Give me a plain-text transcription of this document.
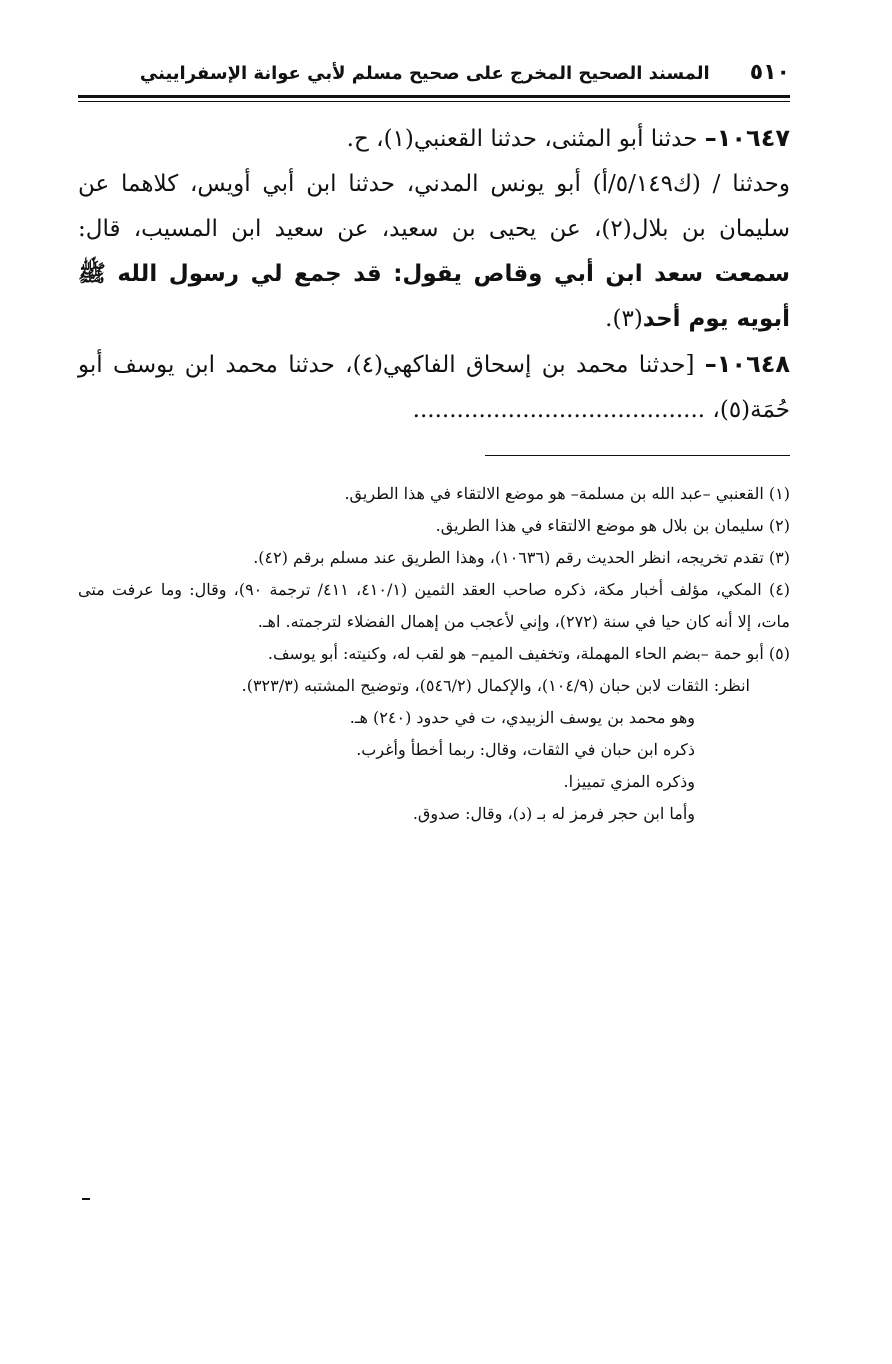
٥١٠
المسند الصحيح المخرج على صحيح مسلم لأبي عوانة الإسفراييني

١٠٦٤٧– حدثنا أبو المثنى، حدثنا القعنبي(١)، ح.

وحدثنا / (ك٥/١٤٩/أ) أبو يونس المدني، حدثنا ابن أبي أويس، كلاهما عن سليمان بن بلال(٢)، عن يحيى بن سعيد، عن سعيد ابن المسيب، قال: سمعت سعد ابن أبي وقاص يقول: قد جمع لي رسول الله ﷺ أبويه يوم أحد(٣).

١٠٦٤٨– [حدثنا محمد بن إسحاق الفاكهي(٤)، حدثنا محمد ابن يوسف أبو حُمَة(٥)، ........................................

(١) القعنبي –عبد الله بن مسلمة– هو موضع الالتقاء في هذا الطريق.

(٢) سليمان بن بلال هو موضع الالتقاء في هذا الطريق.

(٣) تقدم تخريجه، انظر الحديث رقم (١٠٦٣٦)، وهذا الطريق عند مسلم برقم (٤٢).

(٤) المكي، مؤلف أخبار مكة، ذكره صاحب العقد الثمين (٤١٠/١، ٤١١/ ترجمة ٩٠)، وقال: وما عرفت متى مات، إلا أنه كان حيا في سنة (٢٧٢)، وإني لأعجب من إهمال الفضلاء لترجمته. اهـ.

(٥) أبو حمة –بضم الحاء المهملة، وتخفيف الميم– هو لقب له، وكنيته: أبو يوسف.

انظر: الثقات لابن حبان (١٠٤/٩)، والإكمال (٥٤٦/٢)، وتوضيح المشتبه (٣٢٣/٣).

وهو محمد بن يوسف الزبيدي، ت في حدود (٢٤٠) هـ.

ذكره ابن حبان في الثقات، وقال: ربما أخطأ وأغرب.

وذكره المزي تمييزا.

وأما ابن حجر فرمز له بـ (د)، وقال: صدوق.
